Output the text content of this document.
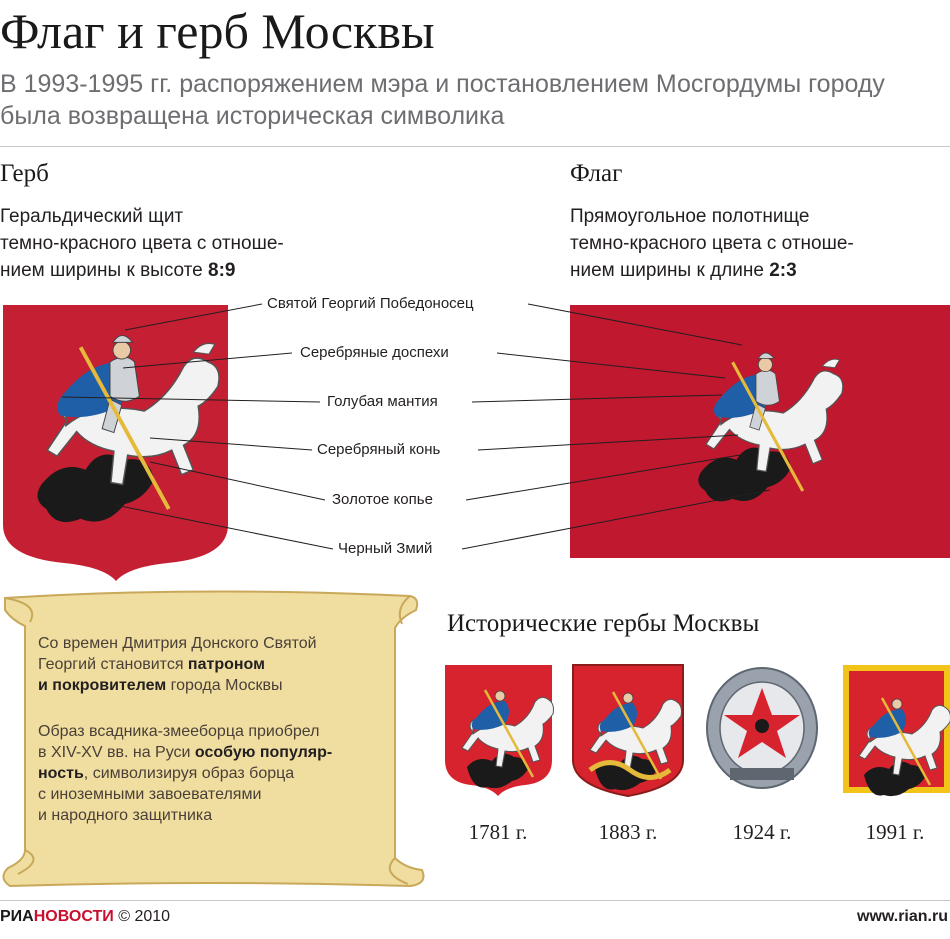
Флаг и герб Москвы
В 1993-1995 гг. распоряжением мэра и постановлением Мосгордумы городу была возвращена историческая символика
Герб
Геральдический щит
темно-красного цвета с отноше-
нием ширины к высоте 8:9
Флаг
Прямоугольное полотнище
темно-красного цвета с отноше-
нием ширины к длине 2:3
Святой Георгий Победоносец
Серебряные доспехи
Голубая мантия
Серебряный конь
Золотое копье
Черный Змий
Со времен Дмитрия Донского Святой
Георгий становится патроном
и покровителем города Москвы
Образ всадника-змееборца приобрел
в XIV-XV вв. на Руси особую популяр-
ность, символизируя образ борца
с иноземными завоевателями
и народного защитника
Исторические гербы Москвы
1781 г.	1883 г.	1924 г.	1991 г.
РИАНОВОСТИ © 2010	www.rian.ru
